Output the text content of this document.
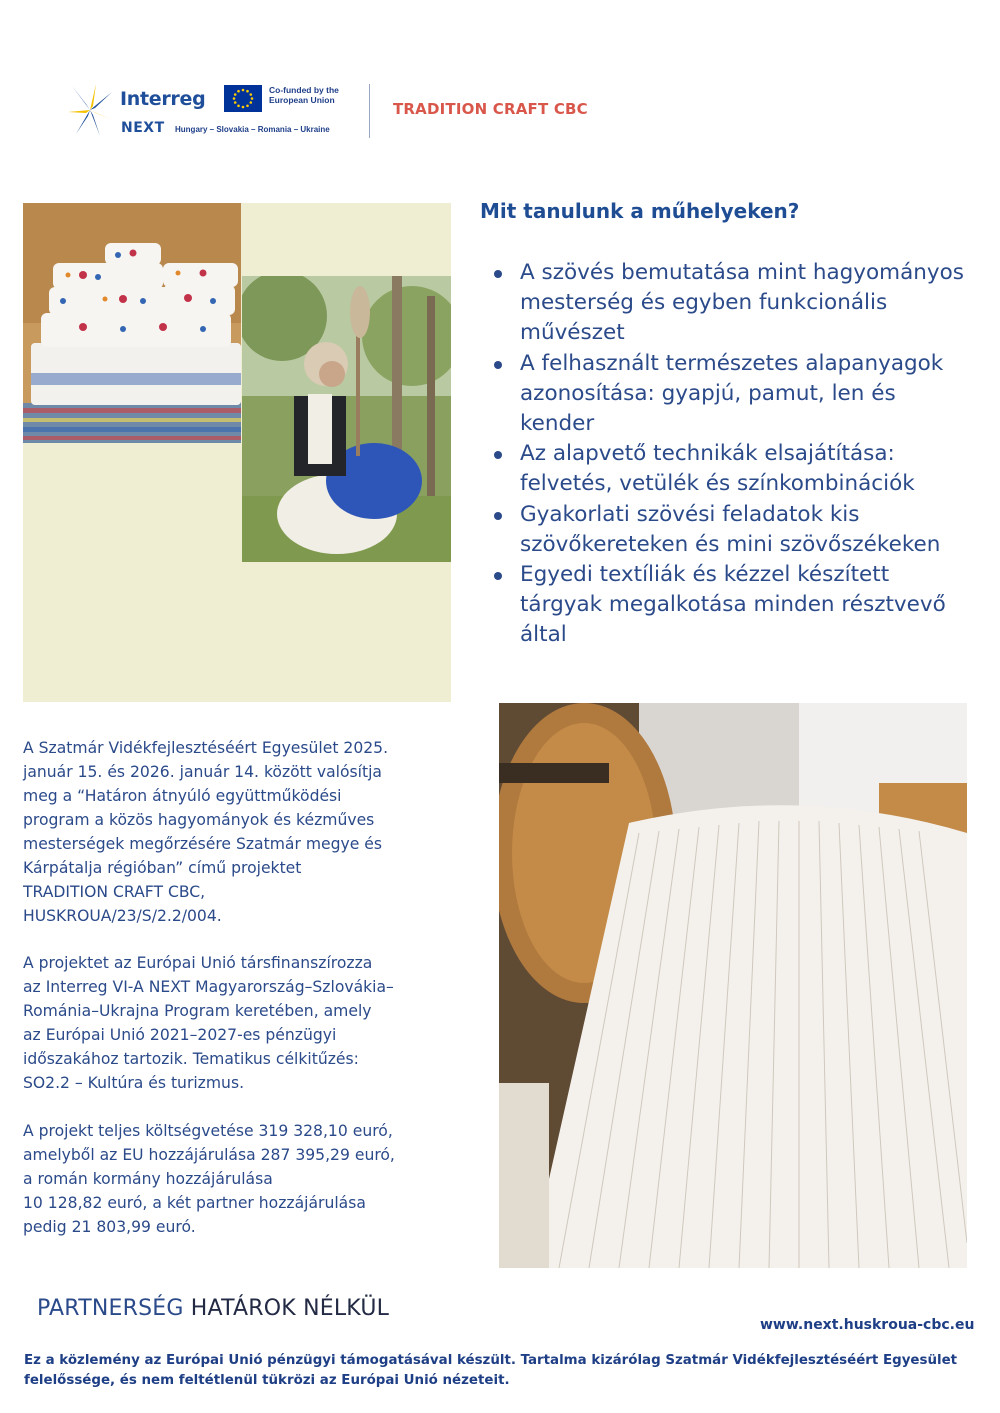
Interreg	Co-funded by the European Union
NEXT Hungary – Slovakia – Romania – Ukraine
TRADITION CRAFT CBC
Mit tanulunk a műhelyeken?
A szövés bemutatása mint hagyományos mesterség és egyben funkcionális művészet
A felhasznált természetes alapanyagok azonosítása: gyapjú, pamut, len és kender
Az alapvető technikák elsajátítása: felvetés, vetülék és színkombinációk
Gyakorlati szövési feladatok kis szövőkereteken és mini szövőszékeken
Egyedi textíliák és kézzel készített tárgyak megalkotása minden résztvevő által
A Szatmár Vidékfejlesztéséért Egyesület 2025.
január 15. és 2026. január 14. között valósítja
meg a “Határon átnyúló együttműködési
program a közös hagyományok és kézműves
mesterségek megőrzésére Szatmár megye és
Kárpátalja régióban” című projektet
TRADITION CRAFT CBC,
HUSKROUA/23/S/2.2/004.
A projektet az Európai Unió társfinanszírozza
az Interreg VI-A NEXT Magyarország–Szlovákia–
Románia–Ukrajna Program keretében, amely
az Európai Unió 2021–2027-es pénzügyi
időszakához tartozik. Tematikus célkitűzés:
SO2.2 – Kultúra és turizmus.
A projekt teljes költségvetése 319 328,10 euró,
amelyből az EU hozzájárulása 287 395,29 euró,
a román kormány hozzájárulása
10 128,82 euró, a két partner hozzájárulása
pedig 21 803,99 euró.
PARTNERSÉG HATÁROK NÉLKÜL
www.next.huskroua-cbc.eu
Ez a közlemény az Európai Unió pénzügyi támogatásával készült. Tartalma kizárólag Szatmár Vidékfejlesztéséért Egyesület felelőssége, és nem feltétlenül tükrözi az Európai Unió nézeteit.
